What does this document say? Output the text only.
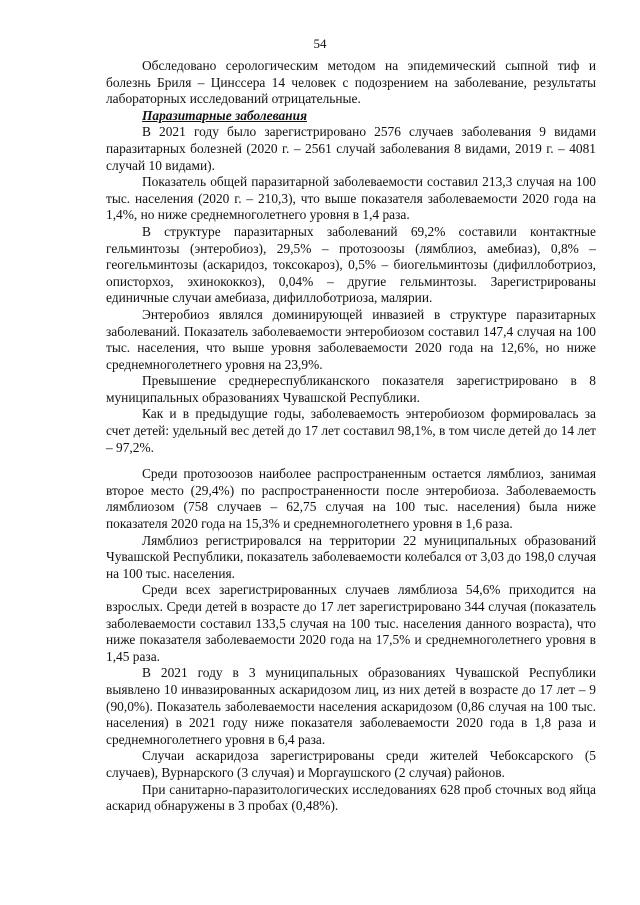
54

Обследовано серологическим методом на эпидемический сыпной тиф и болезнь Бриля – Цинссера 14 человек с подозрением на заболевание, результаты лабораторных исследований отрицательные.

Паразитарные заболевания

В 2021 году было зарегистрировано 2576 случаев заболевания 9 видами паразитарных болезней (2020 г. – 2561 случай заболевания 8 видами, 2019 г. – 4081 случай 10 видами).

Показатель общей паразитарной заболеваемости составил 213,3 случая на 100 тыс. населения (2020 г. – 210,3), что выше показателя заболеваемости 2020 года на 1,4%, но ниже среднемноголетнего уровня в 1,4 раза.

В структуре паразитарных заболеваний 69,2% составили контактные гельминтозы (энтеробиоз), 29,5% – протозоозы (лямблиоз, амебиаз), 0,8% – геогельминтозы (аскаридоз, токсокароз), 0,5% – биогельминтозы (дифиллоботриоз, описторхоз, эхинококкоз), 0,04% – другие гельминтозы. Зарегистрированы единичные случаи амебиаза, дифиллоботриоза, малярии.

Энтеробиоз являлся доминирующей инвазией в структуре паразитарных заболеваний. Показатель заболеваемости энтеробиозом составил 147,4 случая на 100 тыс. населения, что выше уровня заболеваемости 2020 года на 12,6%, но ниже среднемноголетнего уровня на 23,9%.

Превышение среднереспубликанского показателя зарегистрировано в 8 муниципальных образованиях Чувашской Республики.

Как и в предыдущие годы, заболеваемость энтеробиозом формировалась за счет детей: удельный вес детей до 17 лет составил 98,1%, в том числе детей до 14 лет – 97,2%.

Среди протозоозов наиболее распространенным остается лямблиоз, занимая второе место (29,4%) по распространенности после энтеробиоза. Заболеваемость лямблиозом (758 случаев – 62,75 случая на 100 тыс. населения) была ниже показателя 2020 года на 15,3% и среднемноголетнего уровня в 1,6 раза.

Лямблиоз регистрировался на территории 22 муниципальных образований Чувашской Республики, показатель заболеваемости колебался от 3,03 до 198,0 случая на 100 тыс. населения.

Среди всех зарегистрированных случаев лямблиоза 54,6% приходится на взрослых. Среди детей в возрасте до 17 лет зарегистрировано 344 случая (показатель заболеваемости составил 133,5 случая на 100 тыс. населения данного возраста), что ниже показателя заболеваемости 2020 года на 17,5% и среднемноголетнего уровня в 1,45 раза.

В 2021 году в 3 муниципальных образованиях Чувашской Республики выявлено 10 инвазированных аскаридозом лиц, из них детей в возрасте до 17 лет – 9 (90,0%). Показатель заболеваемости населения аскаридозом (0,86 случая на 100 тыс. населения) в 2021 году ниже показателя заболеваемости 2020 года в 1,8 раза и среднемноголетнего уровня в 6,4 раза.

Случаи аскаридоза зарегистрированы среди жителей Чебоксарского (5 случаев), Вурнарского (3 случая) и Моргаушского (2 случая) районов.

При санитарно-паразитологических исследованиях 628 проб сточных вод яйца аскарид обнаружены в 3 пробах (0,48%).
